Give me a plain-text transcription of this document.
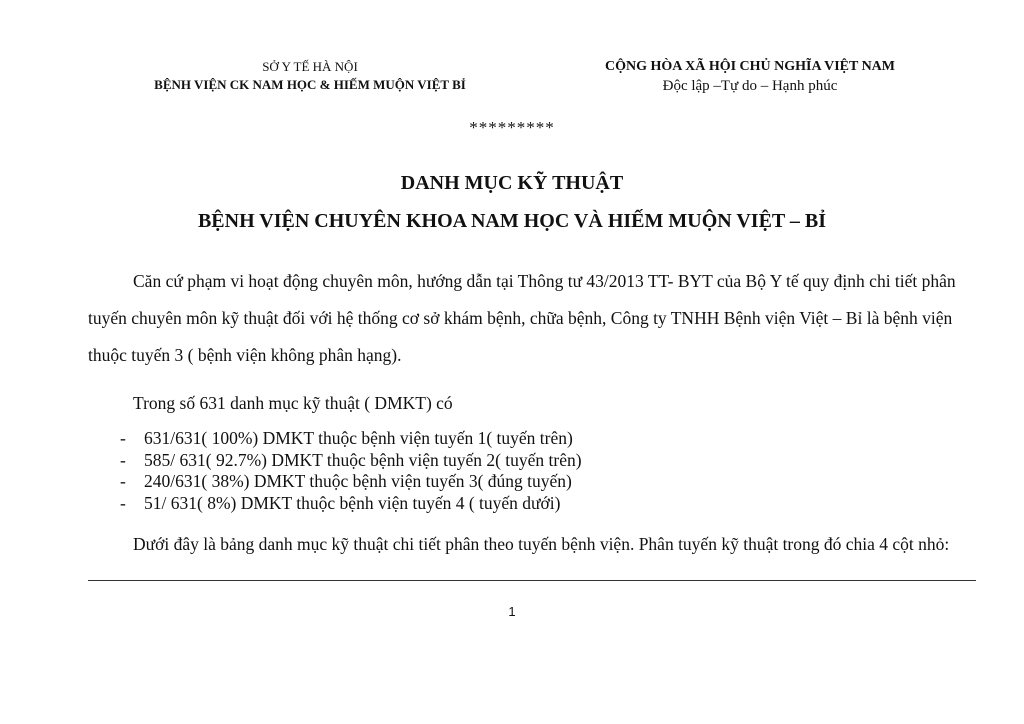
SỞ Y TẾ HÀ NỘI
BỆNH VIỆN CK NAM HỌC & HIẾM MUỘN VIỆT BỈ
CỘNG HÒA XÃ HỘI CHỦ NGHĨA VIỆT NAM
Độc lập –Tự do – Hạnh phúc
*********
DANH MỤC KỸ THUẬT
BỆNH VIỆN CHUYÊN KHOA NAM HỌC VÀ HIẾM MUỘN VIỆT – BỈ
Căn cứ phạm vi hoạt động chuyên môn, hướng dẫn tại Thông tư 43/2013 TT- BYT của Bộ Y tế quy định chi tiết phân tuyến chuyên môn kỹ thuật đối với hệ thống cơ sở khám bệnh, chữa bệnh, Công ty TNHH Bệnh viện Việt – Bỉ là bệnh viện thuộc tuyến 3 ( bệnh viện không phân hạng).
Trong số 631 danh mục kỹ thuật ( DMKT) có
-	631/631( 100%) DMKT thuộc bệnh viện tuyến 1( tuyến trên)
-	585/ 631( 92.7%) DMKT thuộc bệnh viện tuyến 2( tuyến trên)
-	240/631( 38%) DMKT thuộc bệnh viện tuyến 3( đúng tuyến)
-	51/ 631( 8%) DMKT thuộc bệnh viện tuyến 4 ( tuyến dưới)
Dưới đây là bảng danh mục kỹ thuật chi tiết phân theo tuyến bệnh viện. Phân tuyến kỹ thuật trong đó chia 4 cột nhỏ:
1
